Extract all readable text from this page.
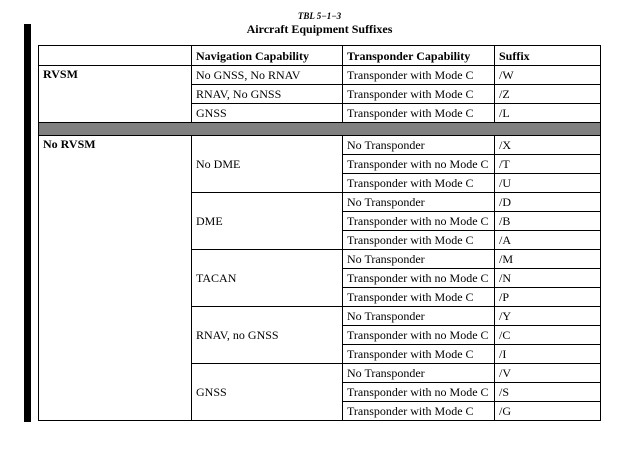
TBL 5−1−3
Aircraft Equipment Suffixes
	Navigation Capability	Transponder Capability	Suffix
RVSM	No GNSS, No RNAV	Transponder with Mode C	/W
	RNAV, No GNSS	Transponder with Mode C	/Z
	GNSS	Transponder with Mode C	/L

No RVSM	No DME	No Transponder	/X
		Transponder with no Mode C	/T
		Transponder with Mode C	/U
	DME	No Transponder	/D
		Transponder with no Mode C	/B
		Transponder with Mode C	/A
	TACAN	No Transponder	/M
		Transponder with no Mode C	/N
		Transponder with Mode C	/P
	RNAV, no GNSS	No Transponder	/Y
		Transponder with no Mode C	/C
		Transponder with Mode C	/I
	GNSS	No Transponder	/V
		Transponder with no Mode C	/S
		Transponder with Mode C	/G
